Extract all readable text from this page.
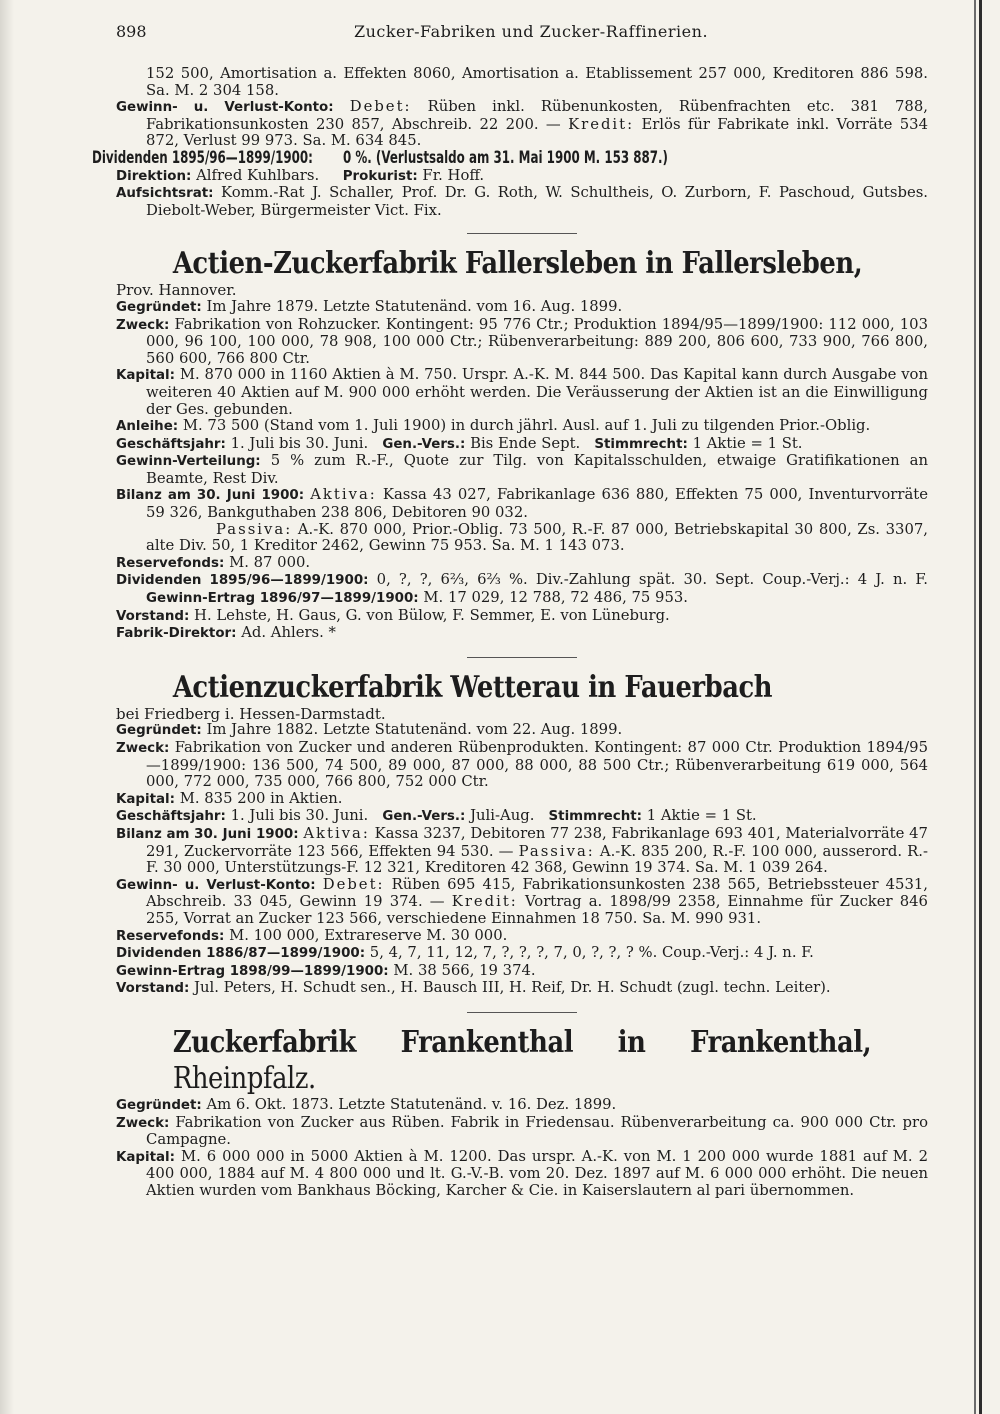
898	Zucker-Fabriken und Zucker-Raffinerien.

152 500, Amortisation a. Effekten 8060, Amortisation a. Etablissement 257 000, Kreditoren 886 598. Sa. M. 2 304 158.

Gewinn- u. Verlust-Konto: Debet: Rüben inkl. Rübenunkosten, Rübenfrachten etc. 381 788, Fabrikationsunkosten 230 857, Abschreib. 22 200. — Kredit: Erlös für Fabrikate inkl. Vorräte 534 872, Verlust 99 973. Sa. M. 634 845.

Dividenden 1895/96—1899/1900: 0 %. (Verlustsaldo am 31. Mai 1900 M. 153 887.)

Direktion: Alfred Kuhlbars. Prokurist: Fr. Hoff.

Aufsichtsrat: Komm.-Rat J. Schaller, Prof. Dr. G. Roth, W. Schultheis, O. Zurborn, F. Paschoud, Gutsbes. Diebolt-Weber, Bürgermeister Vict. Fix.

Actien-Zuckerfabrik Fallersleben in Fallersleben,

Prov. Hannover.

Gegründet: Im Jahre 1879. Letzte Statutenänd. vom 16. Aug. 1899.

Zweck: Fabrikation von Rohzucker. Kontingent: 95 776 Ctr.; Produktion 1894/95—1899/1900: 112 000, 103 000, 96 100, 100 000, 78 908, 100 000 Ctr.; Rübenverarbeitung: 889 200, 806 600, 733 900, 766 800, 560 600, 766 800 Ctr.

Kapital: M. 870 000 in 1160 Aktien à M. 750. Urspr. A.-K. M. 844 500. Das Kapital kann durch Ausgabe von weiteren 40 Aktien auf M. 900 000 erhöht werden. Die Veräusserung der Aktien ist an die Einwilligung der Ges. gebunden.

Anleihe: M. 73 500 (Stand vom 1. Juli 1900) in durch jährl. Ausl. auf 1. Juli zu tilgenden Prior.-Oblig.

Geschäftsjahr: 1. Juli bis 30. Juni. Gen.-Vers.: Bis Ende Sept. Stimmrecht: 1 Aktie = 1 St.

Gewinn-Verteilung: 5 % zum R.-F., Quote zur Tilg. von Kapitalsschulden, etwaige Gratifikationen an Beamte, Rest Div.

Bilanz am 30. Juni 1900: Aktiva: Kassa 43 027, Fabrikanlage 636 880, Effekten 75 000, Inventurvorräte 59 326, Bankguthaben 238 806, Debitoren 90 032.

Passiva: A.-K. 870 000, Prior.-Oblig. 73 500, R.-F. 87 000, Betriebskapital 30 800, Zs. 3307, alte Div. 50, 1 Kreditor 2462, Gewinn 75 953. Sa. M. 1 143 073.

Reservefonds: M. 87 000.

Dividenden 1895/96—1899/1900: 0, ?, ?, 6⅔, 6⅔ %. Div.-Zahlung spät. 30. Sept. Coup.-Verj.: 4 J. n. F. Gewinn-Ertrag 1896/97—1899/1900: M. 17 029, 12 788, 72 486, 75 953.

Vorstand: H. Lehste, H. Gaus, G. von Bülow, F. Semmer, E. von Lüneburg.

Fabrik-Direktor: Ad. Ahlers. *

Actienzuckerfabrik Wetterau in Fauerbach

bei Friedberg i. Hessen-Darmstadt.

Gegründet: Im Jahre 1882. Letzte Statutenänd. vom 22. Aug. 1899.

Zweck: Fabrikation von Zucker und anderen Rübenprodukten. Kontingent: 87 000 Ctr. Produktion 1894/95—1899/1900: 136 500, 74 500, 89 000, 87 000, 88 000, 88 500 Ctr.; Rübenverarbeitung 619 000, 564 000, 772 000, 735 000, 766 800, 752 000 Ctr.

Kapital: M. 835 200 in Aktien.

Geschäftsjahr: 1. Juli bis 30. Juni. Gen.-Vers.: Juli-Aug. Stimmrecht: 1 Aktie = 1 St.

Bilanz am 30. Juni 1900: Aktiva: Kassa 3237, Debitoren 77 238, Fabrikanlage 693 401, Materialvorräte 47 291, Zuckervorräte 123 566, Effekten 94 530. — Passiva: A.-K. 835 200, R.-F. 100 000, ausserord. R.-F. 30 000, Unterstützungs-F. 12 321, Kreditoren 42 368, Gewinn 19 374. Sa. M. 1 039 264.

Gewinn- u. Verlust-Konto: Debet: Rüben 695 415, Fabrikationsunkosten 238 565, Betriebssteuer 4531, Abschreib. 33 045, Gewinn 19 374. — Kredit: Vortrag a. 1898/99 2358, Einnahme für Zucker 846 255, Vorrat an Zucker 123 566, verschiedene Einnahmen 18 750. Sa. M. 990 931.

Reservefonds: M. 100 000, Extrareserve M. 30 000.

Dividenden 1886/87—1899/1900: 5, 4, 7, 11, 12, 7, ?, ?, ?, 7, 0, ?, ?, ? %. Coup.-Verj.: 4 J. n. F.

Gewinn-Ertrag 1898/99—1899/1900: M. 38 566, 19 374.

Vorstand: Jul. Peters, H. Schudt sen., H. Bausch III, H. Reif, Dr. H. Schudt (zugl. techn. Leiter).

Zuckerfabrik Frankenthal in Frankenthal, Rheinpfalz.

Gegründet: Am 6. Okt. 1873. Letzte Statutenänd. v. 16. Dez. 1899.

Zweck: Fabrikation von Zucker aus Rüben. Fabrik in Friedensau. Rübenverarbeitung ca. 900 000 Ctr. pro Campagne.

Kapital: M. 6 000 000 in 5000 Aktien à M. 1200. Das urspr. A.-K. von M. 1 200 000 wurde 1881 auf M. 2 400 000, 1884 auf M. 4 800 000 und lt. G.-V.-B. vom 20. Dez. 1897 auf M. 6 000 000 erhöht. Die neuen Aktien wurden vom Bankhaus Böcking, Karcher & Cie. in Kaiserslautern al pari übernommen.
